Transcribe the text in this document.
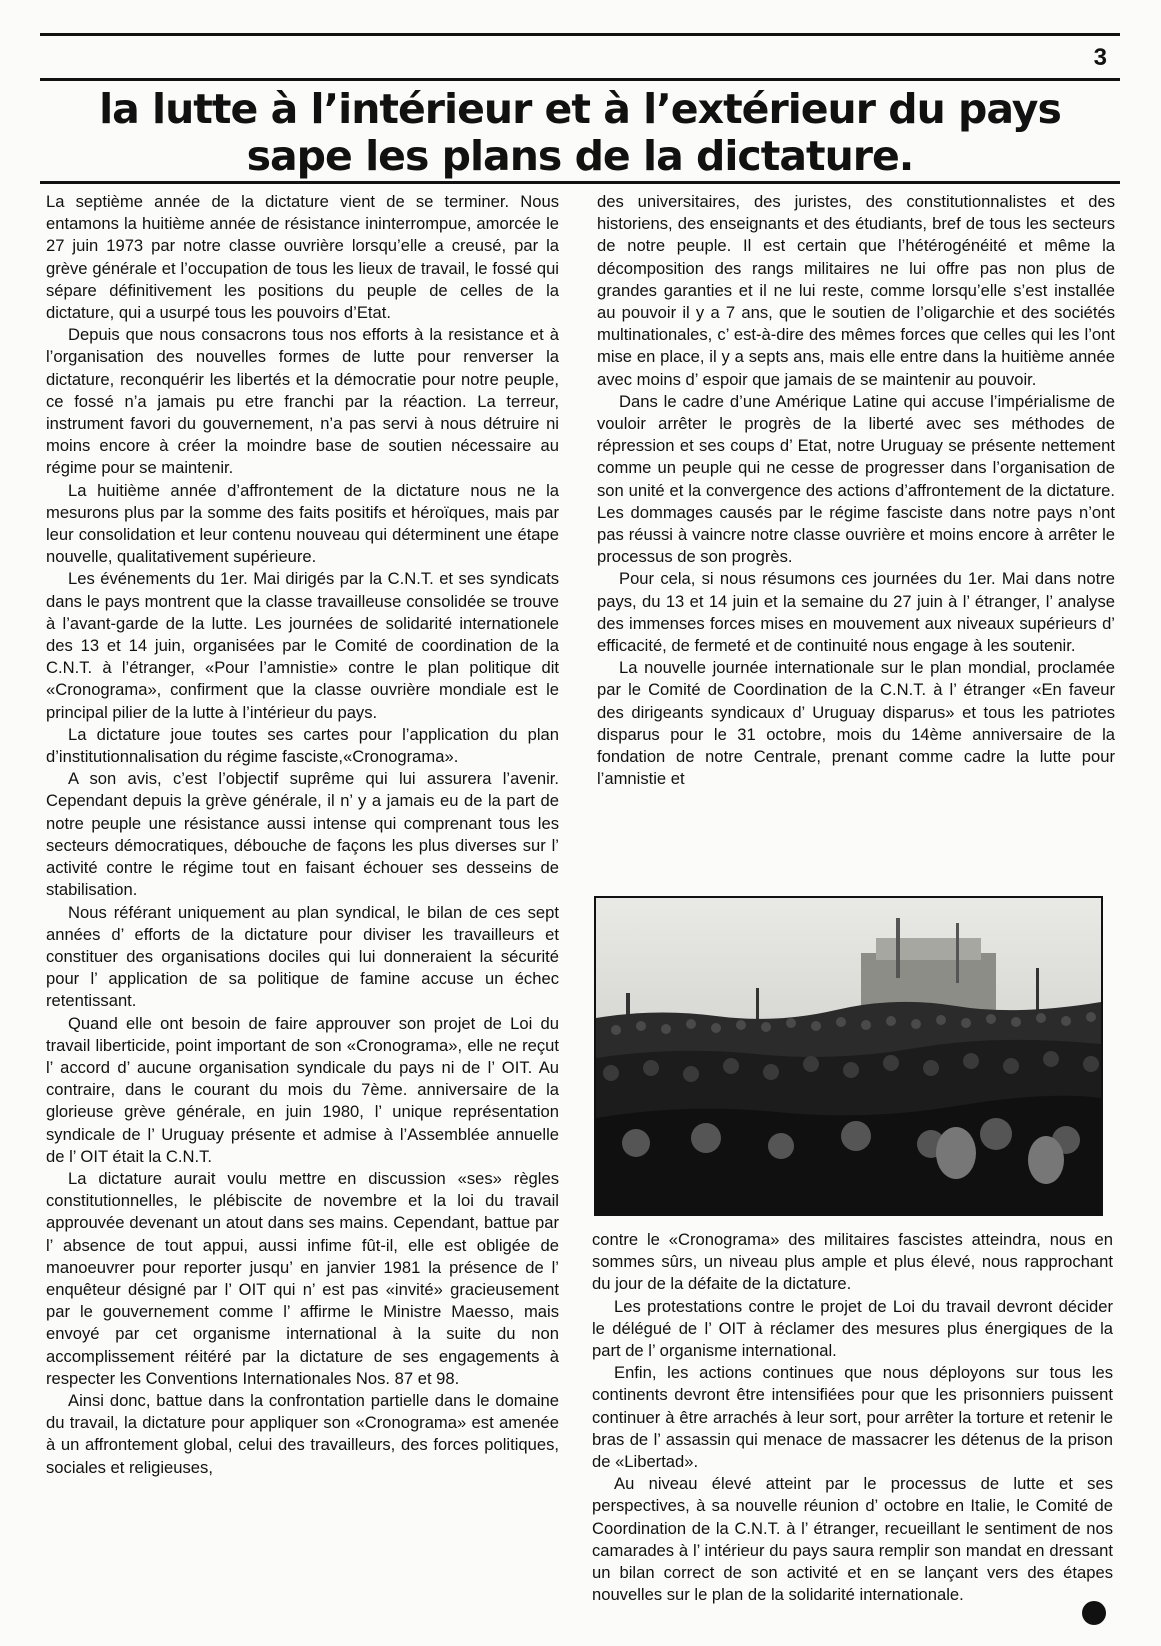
3
la lutte à l’intérieur et à l’extérieur du pays
sape les plans de la dictature.

La septième année de la dictature vient de se terminer. Nous entamons la huitième année de résistance ininterrompue, amorcée le 27 juin 1973 par notre classe ouvrière lorsqu’elle a creusé, par la grève générale et l’occupation de tous les lieux de travail, le fossé qui sépare définitivement les positions du peuple de celles de la dictature, qui a usurpé tous les pouvoirs d’Etat.

Depuis que nous consacrons tous nos efforts à la resistance et à l’organisation des nouvelles formes de lutte pour renverser la dictature, reconquérir les libertés et la démocratie pour notre peuple, ce fossé n’a jamais pu etre franchi par la réaction. La terreur, instrument favori du gouvernement, n’a pas servi à nous détruire ni moins encore à créer la moindre base de soutien nécessaire au régime pour se maintenir.

La huitième année d’affrontement de la dictature nous ne la mesurons plus par la somme des faits positifs et héroïques, mais par leur consolidation et leur contenu nouveau qui déterminent une étape nouvelle, qualitativement supérieure.

Les événements du 1er. Mai dirigés par la C.N.T. et ses syndicats dans le pays montrent que la classe travailleuse consolidée se trouve à l’avant-garde de la lutte. Les journées de solidarité internationele des 13 et 14 juin, organisées par le Comité de coordination de la C.N.T. à l’étranger, «Pour l’amnistie» contre le plan politique dit «Cronograma», confirment que la classe ouvrière mondiale est le principal pilier de la lutte à l’intérieur du pays.

La dictature joue toutes ses cartes pour l’application du plan d’institutionnalisation du régime fasciste,«Cronograma».

A son avis, c’est l’objectif suprême qui lui assurera l’avenir. Cependant depuis la grève générale, il n’ y a jamais eu de la part de notre peuple une résistance aussi intense qui comprenant tous les secteurs démocratiques, débouche de façons les plus diverses sur l’ activité contre le régime tout en faisant échouer ses desseins de stabilisation.

Nous référant uniquement au plan syndical, le bilan de ces sept années d’ efforts de la dictature pour diviser les travailleurs et constituer des organisations dociles qui lui donneraient la sécurité pour l’ application de sa politique de famine accuse un échec retentissant.

Quand elle ont besoin de faire approuver son projet de Loi du travail liberticide, point important de son «Cronograma», elle ne reçut l’ accord d’ aucune organisation syndicale du pays ni de l’ OIT. Au contraire, dans le courant du mois du 7ème. anniversaire de la glorieuse grève générale, en juin 1980, l’ unique représentation syndicale de l’ Uruguay présente et admise à l’Assemblée annuelle de l’ OIT était la C.N.T.

La dictature aurait voulu mettre en discussion «ses» règles constitutionnelles, le plébiscite de novembre et la loi du travail approuvée devenant un atout dans ses mains. Cependant, battue par l’ absence de tout appui, aussi infime fût-il, elle est obligée de manoeuvrer pour reporter jusqu’ en janvier 1981 la présence de l’ enquêteur désigné par l’ OIT qui n’ est pas «invité» gracieusement par le gouvernement comme l’ affirme le Ministre Maesso, mais envoyé par cet organisme international à la suite du non accomplissement réitéré par la dictature de ses engagements à respecter les Conventions Internationales Nos. 87 et 98.

Ainsi donc, battue dans la confrontation partielle dans le domaine du travail, la dictature pour appliquer son «Cronograma» est amenée à un affrontement global, celui des travailleurs, des forces politiques, sociales et religieuses,

des universitaires, des juristes, des constitutionnalistes et des historiens, des enseignants et des étudiants, bref de tous les secteurs de notre peuple. Il est certain que l’hétérogénéité et même la décomposition des rangs militaires ne lui offre pas non plus de grandes garanties et il ne lui reste, comme lorsqu’elle s’est installée au pouvoir il y a 7 ans, que le soutien de l’oligarchie et des sociétés multinationales, c’ est-à-dire des mêmes forces que celles qui les l’ont mise en place, il y a septs ans, mais elle entre dans la huitième année avec moins d’ espoir que jamais de se maintenir au pouvoir.

Dans le cadre d’une Amérique Latine qui accuse l’impérialisme de vouloir arrêter le progrès de la liberté avec ses méthodes de répression et ses coups d’ Etat, notre Uruguay se présente nettement comme un peuple qui ne cesse de progresser dans l’organisation de son unité et la convergence des actions d’affrontement de la dictature. Les dommages causés par le régime fasciste dans notre pays n’ont pas réussi à vaincre notre classe ouvrière et moins encore à arrêter le processus de son progrès.

Pour cela, si nous résumons ces journées du 1er. Mai dans notre pays, du 13 et 14 juin et la semaine du 27 juin à l’ étranger, l’ analyse des immenses forces mises en mouvement aux niveaux supérieurs d’ efficacité, de fermeté et de continuité nous engage à les soutenir.

La nouvelle journée internationale sur le plan mondial, proclamée par le Comité de Coordination de la C.N.T. à l’ étranger «En faveur des dirigeants syndicaux d’ Uruguay disparus» et tous les patriotes disparus pour le 31 octobre, mois du 14ème anniversaire de la fondation de notre Centrale, prenant comme cadre la lutte pour l’amnistie et

contre le «Cronograma» des militaires fascistes atteindra, nous en sommes sûrs, un niveau plus ample et plus élevé, nous rapprochant du jour de la défaite de la dictature.

Les protestations contre le projet de Loi du travail devront décider le délégué de l’ OIT à réclamer des mesures plus énergiques de la part de l’ organisme international.

Enfin, les actions continues que nous déployons sur tous les continents devront être intensifiées pour que les prisonniers puissent continuer à être arrachés à leur sort, pour arrêter la torture et retenir le bras de l’ assassin qui menace de massacrer les détenus de la prison de «Libertad».

Au niveau élevé atteint par le processus de lutte et ses perspectives, à sa nouvelle réunion d’ octobre en Italie, le Comité de Coordination de la C.N.T. à l’ étranger, recueillant le sentiment de nos camarades à l’ intérieur du pays saura remplir son mandat en dressant un bilan correct de son activité et en se lançant vers des étapes nouvelles sur le plan de la solidarité internationale.
